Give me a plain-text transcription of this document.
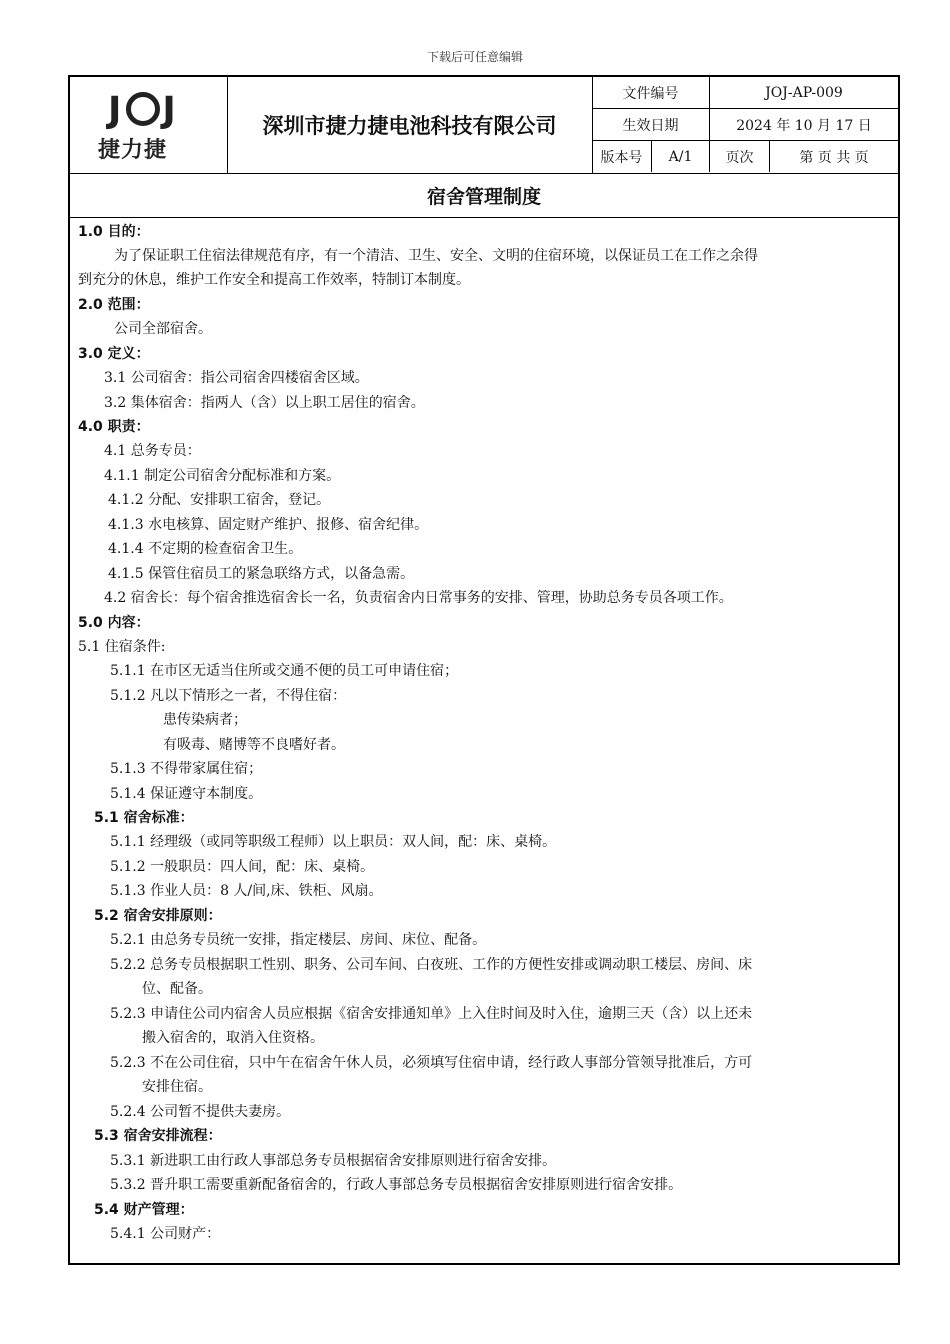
下载后可任意编辑
J J
捷力捷
深圳市捷力捷电池科技有限公司
文件编号	JOJ-AP-009
生效日期	2024 年 10 月 17 日
版本号	A/1	页次	第 页 共 页
宿舍管理制度
1.0 目的：
为了保证职工住宿法律规范有序，有一个清洁、卫生、安全、文明的住宿环境，以保证员工在工作之余得
到充分的休息，维护工作安全和提高工作效率，特制订本制度。
2.0 范围：
公司全部宿舍。
3.0 定义：
3.1 公司宿舍：指公司宿舍四楼宿舍区域。
3.2 集体宿舍：指两人（含）以上职工居住的宿舍。
4.0 职责：
4.1 总务专员：
4.1.1 制定公司宿舍分配标准和方案。
4.1.2 分配、安排职工宿舍，登记。
4.1.3 水电核算、固定财产维护、报修、宿舍纪律。
4.1.4 不定期的检查宿舍卫生。
4.1.5 保管住宿员工的紧急联络方式，以备急需。
4.2 宿舍长：每个宿舍推选宿舍长一名，负责宿舍内日常事务的安排、管理，协助总务专员各项工作。
5.0 内容：
5.1 住宿条件:
5.1.1 在市区无适当住所或交通不便的员工可申请住宿；
5.1.2 凡以下情形之一者，不得住宿：
患传染病者；
有吸毒、赌博等不良嗜好者。
5.1.3 不得带家属住宿；
5.1.4 保证遵守本制度。
5.1 宿舍标准：
5.1.1 经理级（或同等职级工程师）以上职员：双人间，配：床、桌椅。
5.1.2 一般职员：四人间，配：床、桌椅。
5.1.3 作业人员：8 人/间,床、铁柜、风扇。
5.2 宿舍安排原则：
5.2.1 由总务专员统一安排，指定楼层、房间、床位、配备。
5.2.2 总务专员根据职工性别、职务、公司车间、白夜班、工作的方便性安排或调动职工楼层、房间、床
位、配备。
5.2.3 申请住公司内宿舍人员应根据《宿舍安排通知单》上入住时间及时入住，逾期三天（含）以上还未
搬入宿舍的，取消入住资格。
5.2.3 不在公司住宿，只中午在宿舍午休人员，必须填写住宿申请，经行政人事部分管领导批准后，方可
安排住宿。
5.2.4 公司暂不提供夫妻房。
5.3 宿舍安排流程：
5.3.1 新进职工由行政人事部总务专员根据宿舍安排原则进行宿舍安排。
5.3.2 晋升职工需要重新配备宿舍的，行政人事部总务专员根据宿舍安排原则进行宿舍安排。
5.4 财产管理：
5.4.1 公司财产：
